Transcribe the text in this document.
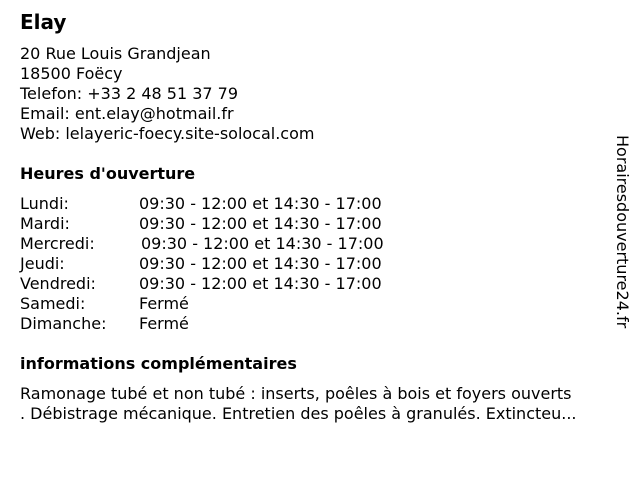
Elay
20 Rue Louis Grandjean
18500 Foëcy
Telefon: +33 2 48 51 37 79
Email: ent.elay@hotmail.fr
Web: lelayeric-foecy.site-solocal.com
Heures d'ouverture
Lundi:	09:30 - 12:00 et 14:30 - 17:00
Mardi:	09:30 - 12:00 et 14:30 - 17:00
Mercredi:	09:30 - 12:00 et 14:30 - 17:00
Jeudi:	09:30 - 12:00 et 14:30 - 17:00
Vendredi:	09:30 - 12:00 et 14:30 - 17:00
Samedi:	Fermé
Dimanche: Fermé
informations complémentaires
Ramonage tubé et non tubé : inserts, poêles à bois et foyers ouverts
. Débistrage mécanique. Entretien des poêles à granulés. Extincteu...
Horairesdouverture24.fr
